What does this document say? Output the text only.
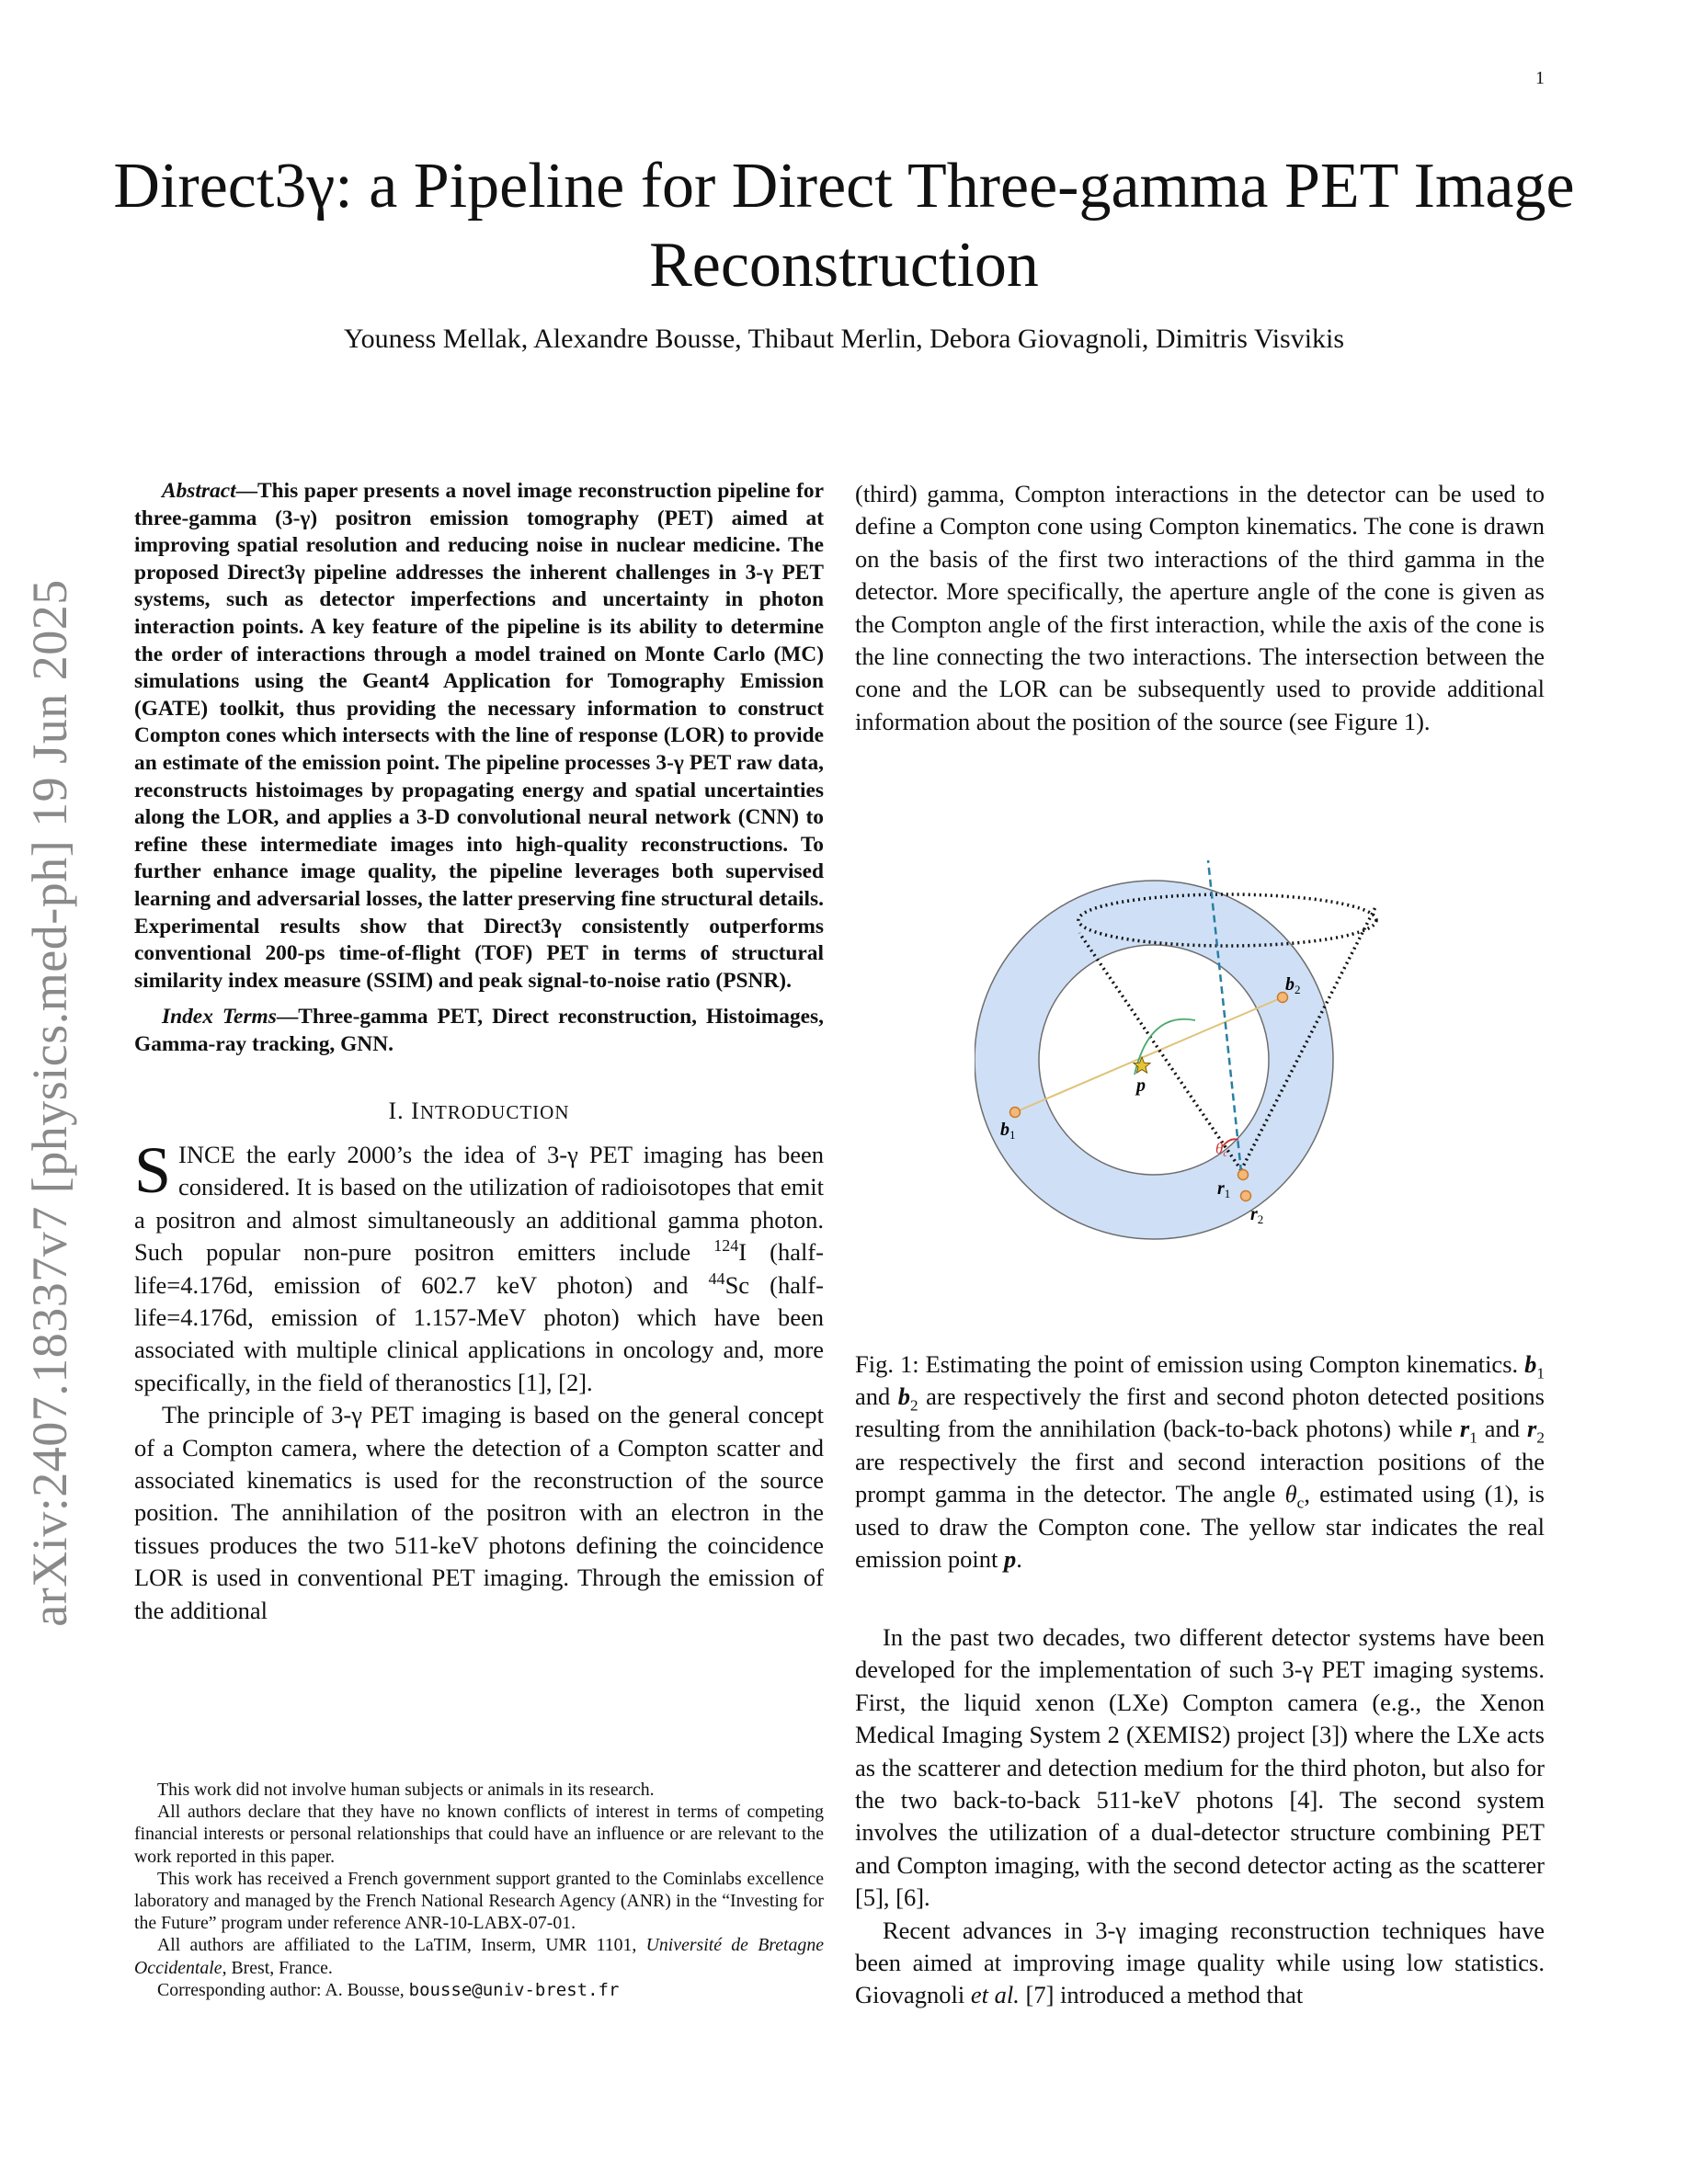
1
arXiv:2407.18337v7 [physics.med-ph] 19 Jun 2025
Direct3γ: a Pipeline for Direct Three-gamma PET Image Reconstruction
Youness Mellak, Alexandre Bousse, Thibaut Merlin, Debora Giovagnoli, Dimitris Visvikis

Abstract—This paper presents a novel image reconstruction pipeline for three-gamma (3-γ) positron emission tomography (PET) aimed at improving spatial resolution and reducing noise in nuclear medicine. The proposed Direct3γ pipeline addresses the inherent challenges in 3-γ PET systems, such as detector imperfections and uncertainty in photon interaction points. A key feature of the pipeline is its ability to determine the order of interactions through a model trained on Monte Carlo (MC) simulations using the Geant4 Application for Tomography Emission (GATE) toolkit, thus providing the necessary information to construct Compton cones which intersects with the line of response (LOR) to provide an estimate of the emission point. The pipeline processes 3-γ PET raw data, reconstructs histoimages by propagating energy and spatial uncertainties along the LOR, and applies a 3-D convolutional neural network (CNN) to refine these intermediate images into high-quality reconstructions. To further enhance image quality, the pipeline leverages both supervised learning and adversarial losses, the latter preserving fine structural details. Experimental results show that Direct3γ consistently outperforms conventional 200-ps time-of-flight (TOF) PET in terms of structural similarity index measure (SSIM) and peak signal-to-noise ratio (PSNR).

Index Terms—Three-gamma PET, Direct reconstruction, Histoimages, Gamma-ray tracking, GNN.

I. INTRODUCTION

SINCE the early 2000’s the idea of 3-γ PET imaging has been considered. It is based on the utilization of radioisotopes that emit a positron and almost simultaneously an additional gamma photon. Such popular non-pure positron emitters include $^{124}$I (half-life=4.176d, emission of 602.7 keV photon) and $^{44}$Sc (half-life=4.176d, emission of 1.157-MeV photon) which have been associated with multiple clinical applications in oncology and, more specifically, in the field of theranostics [1], [2].

The principle of 3-γ PET imaging is based on the general concept of a Compton camera, where the detection of a Compton scatter and associated kinematics is used for the reconstruction of the source position. The annihilation of the positron with an electron in the tissues produces the two 511-keV photons defining the coincidence LOR is used in conventional PET imaging. Through the emission of the additional

This work did not involve human subjects or animals in its research.

All authors declare that they have no known conflicts of interest in terms of competing financial interests or personal relationships that could have an influence or are relevant to the work reported in this paper.

This work has received a French government support granted to the Cominlabs excellence laboratory and managed by the French National Research Agency (ANR) in the “Investing for the Future” program under reference ANR-10-LABX-07-01.

All authors are affiliated to the LaTIM, Inserm, UMR 1101, Université de Bretagne Occidentale, Brest, France.

Corresponding author: A. Bousse, bousse@univ-brest.fr

(third) gamma, Compton interactions in the detector can be used to define a Compton cone using Compton kinematics. The cone is drawn on the basis of the first two interactions of the third gamma in the detector. More specifically, the aperture angle of the cone is given as the Compton angle of the first interaction, while the axis of the cone is the line connecting the two interactions. The intersection between the cone and the LOR can be subsequently used to provide additional information about the position of the source (see Figure 1).

$b_1$
$b_2$
p
θc
$r_1$
$r_2$

Fig. 1: Estimating the point of emission using Compton kinematics. $b_1$ and $b_2$ are respectively the first and second photon detected positions resulting from the annihilation (back-to-back photons) while $r_1$ and $r_2$ are respectively the first and second interaction positions of the prompt gamma in the detector. The angle $\theta_c$, estimated using (1), is used to draw the Compton cone. The yellow star indicates the real emission point p.

In the past two decades, two different detector systems have been developed for the implementation of such 3-γ PET imaging systems. First, the liquid xenon (LXe) Compton camera (e.g., the Xenon Medical Imaging System 2 (XEMIS2) project [3]) where the LXe acts as the scatterer and detection medium for the third photon, but also for the two back-to-back 511-keV photons [4]. The second system involves the utilization of a dual-detector structure combining PET and Compton imaging, with the second detector acting as the scatterer [5], [6].

Recent advances in 3-γ imaging reconstruction techniques have been aimed at improving image quality while using low statistics. Giovagnoli et al. [7] introduced a method that
